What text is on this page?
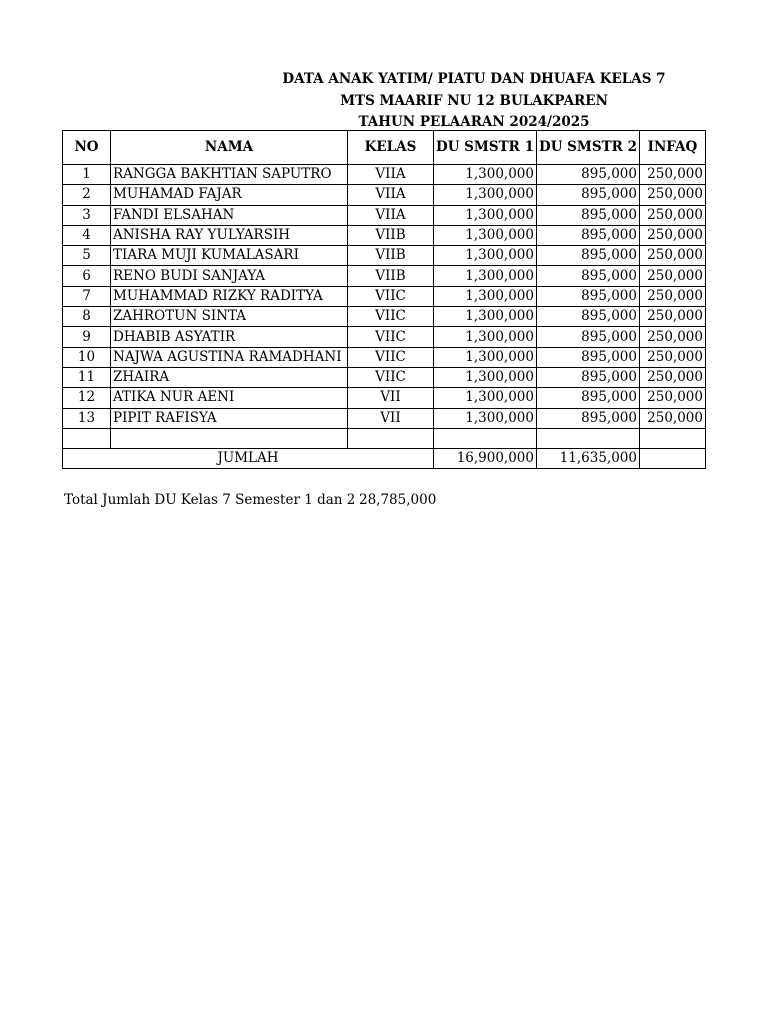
DATA ANAK YATIM/ PIATU DAN DHUAFA KELAS 7
MTS MAARIF NU 12 BULAKPAREN
TAHUN PELAARAN 2024/2025
NO	NAMA	KELAS	DU SMSTR 1	DU SMSTR 2	INFAQ
1	RANGGA BAKHTIAN SAPUTRO	VIIA	1,300,000	895,000	250,000
2	MUHAMAD FAJAR	VIIA	1,300,000	895,000	250,000
3	FANDI ELSAHAN	VIIA	1,300,000	895,000	250,000
4	ANISHA RAY YULYARSIH	VIIB	1,300,000	895,000	250,000
5	TIARA MUJI KUMALASARI	VIIB	1,300,000	895,000	250,000
6	RENO BUDI SANJAYA	VIIB	1,300,000	895,000	250,000
7	MUHAMMAD RIZKY RADITYA	VIIC	1,300,000	895,000	250,000
8	ZAHROTUN SINTA	VIIC	1,300,000	895,000	250,000
9	DHABIB ASYATIR	VIIC	1,300,000	895,000	250,000
10	NAJWA AGUSTINA RAMADHANI	VIIC	1,300,000	895,000	250,000
11	ZHAIRA	VIIC	1,300,000	895,000	250,000
12	ATIKA NUR AENI	VII	1,300,000	895,000	250,000
13	PIPIT RAFISYA	VII	1,300,000	895,000	250,000

JUMLAH			16,900,000	11,635,000	
Total Jumlah DU Kelas 7 Semester 1 dan 2 28,785,000
